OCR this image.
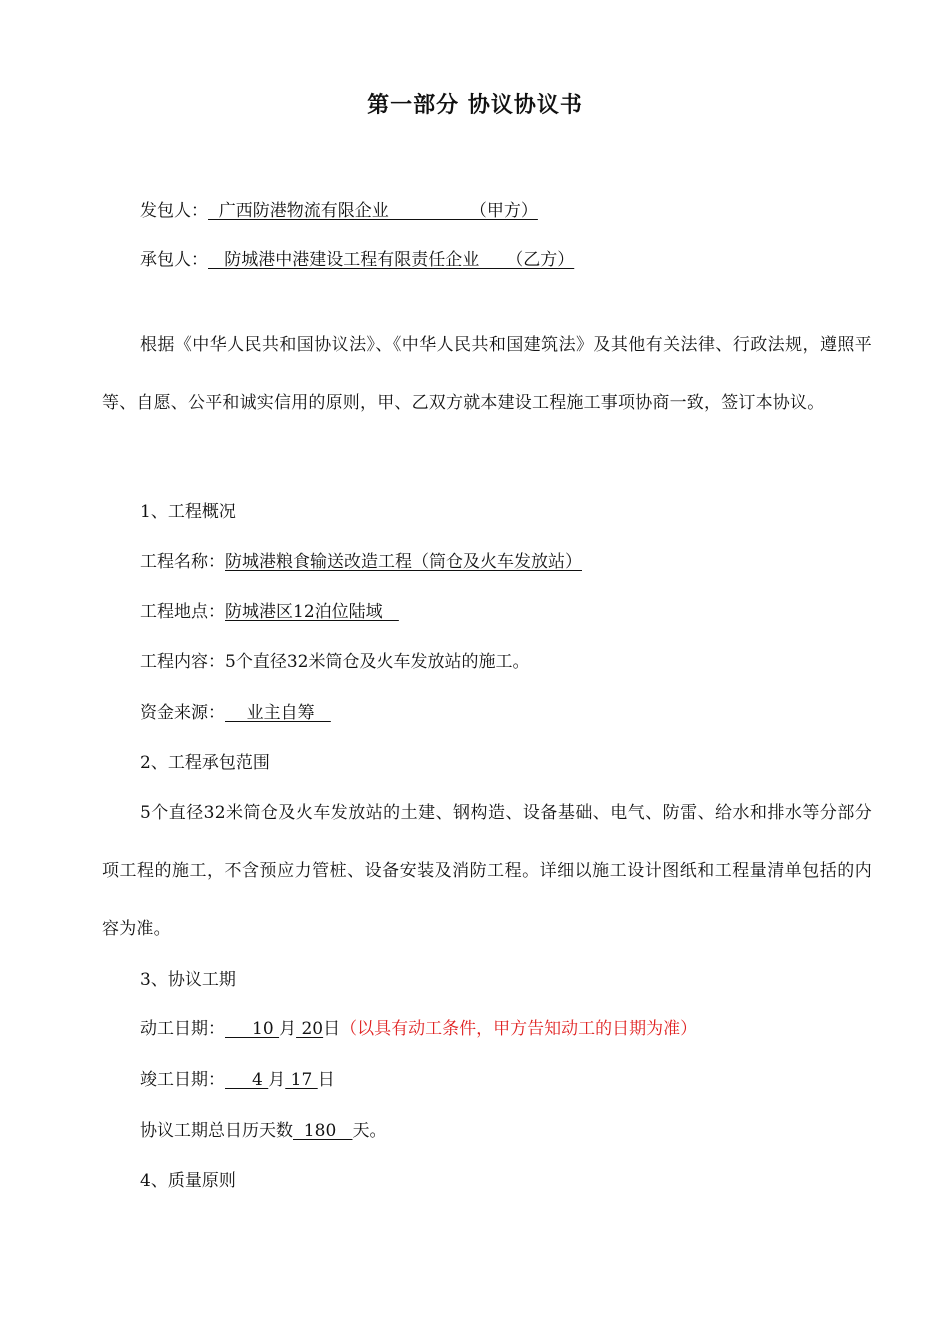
第一部分 协议协议书
发包人：  广西防港物流有限企业               （甲方）
承包人：   防城港中港建设工程有限责任企业     （乙方）
根据《中华人民共和国协议法》、《中华人民共和国建筑法》及其他有关法律、行政法规，遵照平等、自愿、公平和诚实信用的原则，甲、乙双方就本建设工程施工事项协商一致，签订本协议。
1、工程概况
工程名称：防城港粮食输送改造工程（筒仓及火车发放站）
工程地点：防城港区12泊位陆域
工程内容：5个直径32米筒仓及火车发放站的施工。
资金来源：    业主自筹
2、工程承包范围
5个直径32米筒仓及火车发放站的土建、钢构造、设备基础、电气、防雷、给水和排水等分部分项工程的施工，不含预应力管桩、设备安装及消防工程。详细以施工设计图纸和工程量清单包括的内容为准。
3、协议工期
动工日期：     10 月 20日（以具有动工条件，甲方告知动工的日期为准）
竣工日期：     4 月 17 日
协议工期总日历天数  180   天。
4、质量原则
